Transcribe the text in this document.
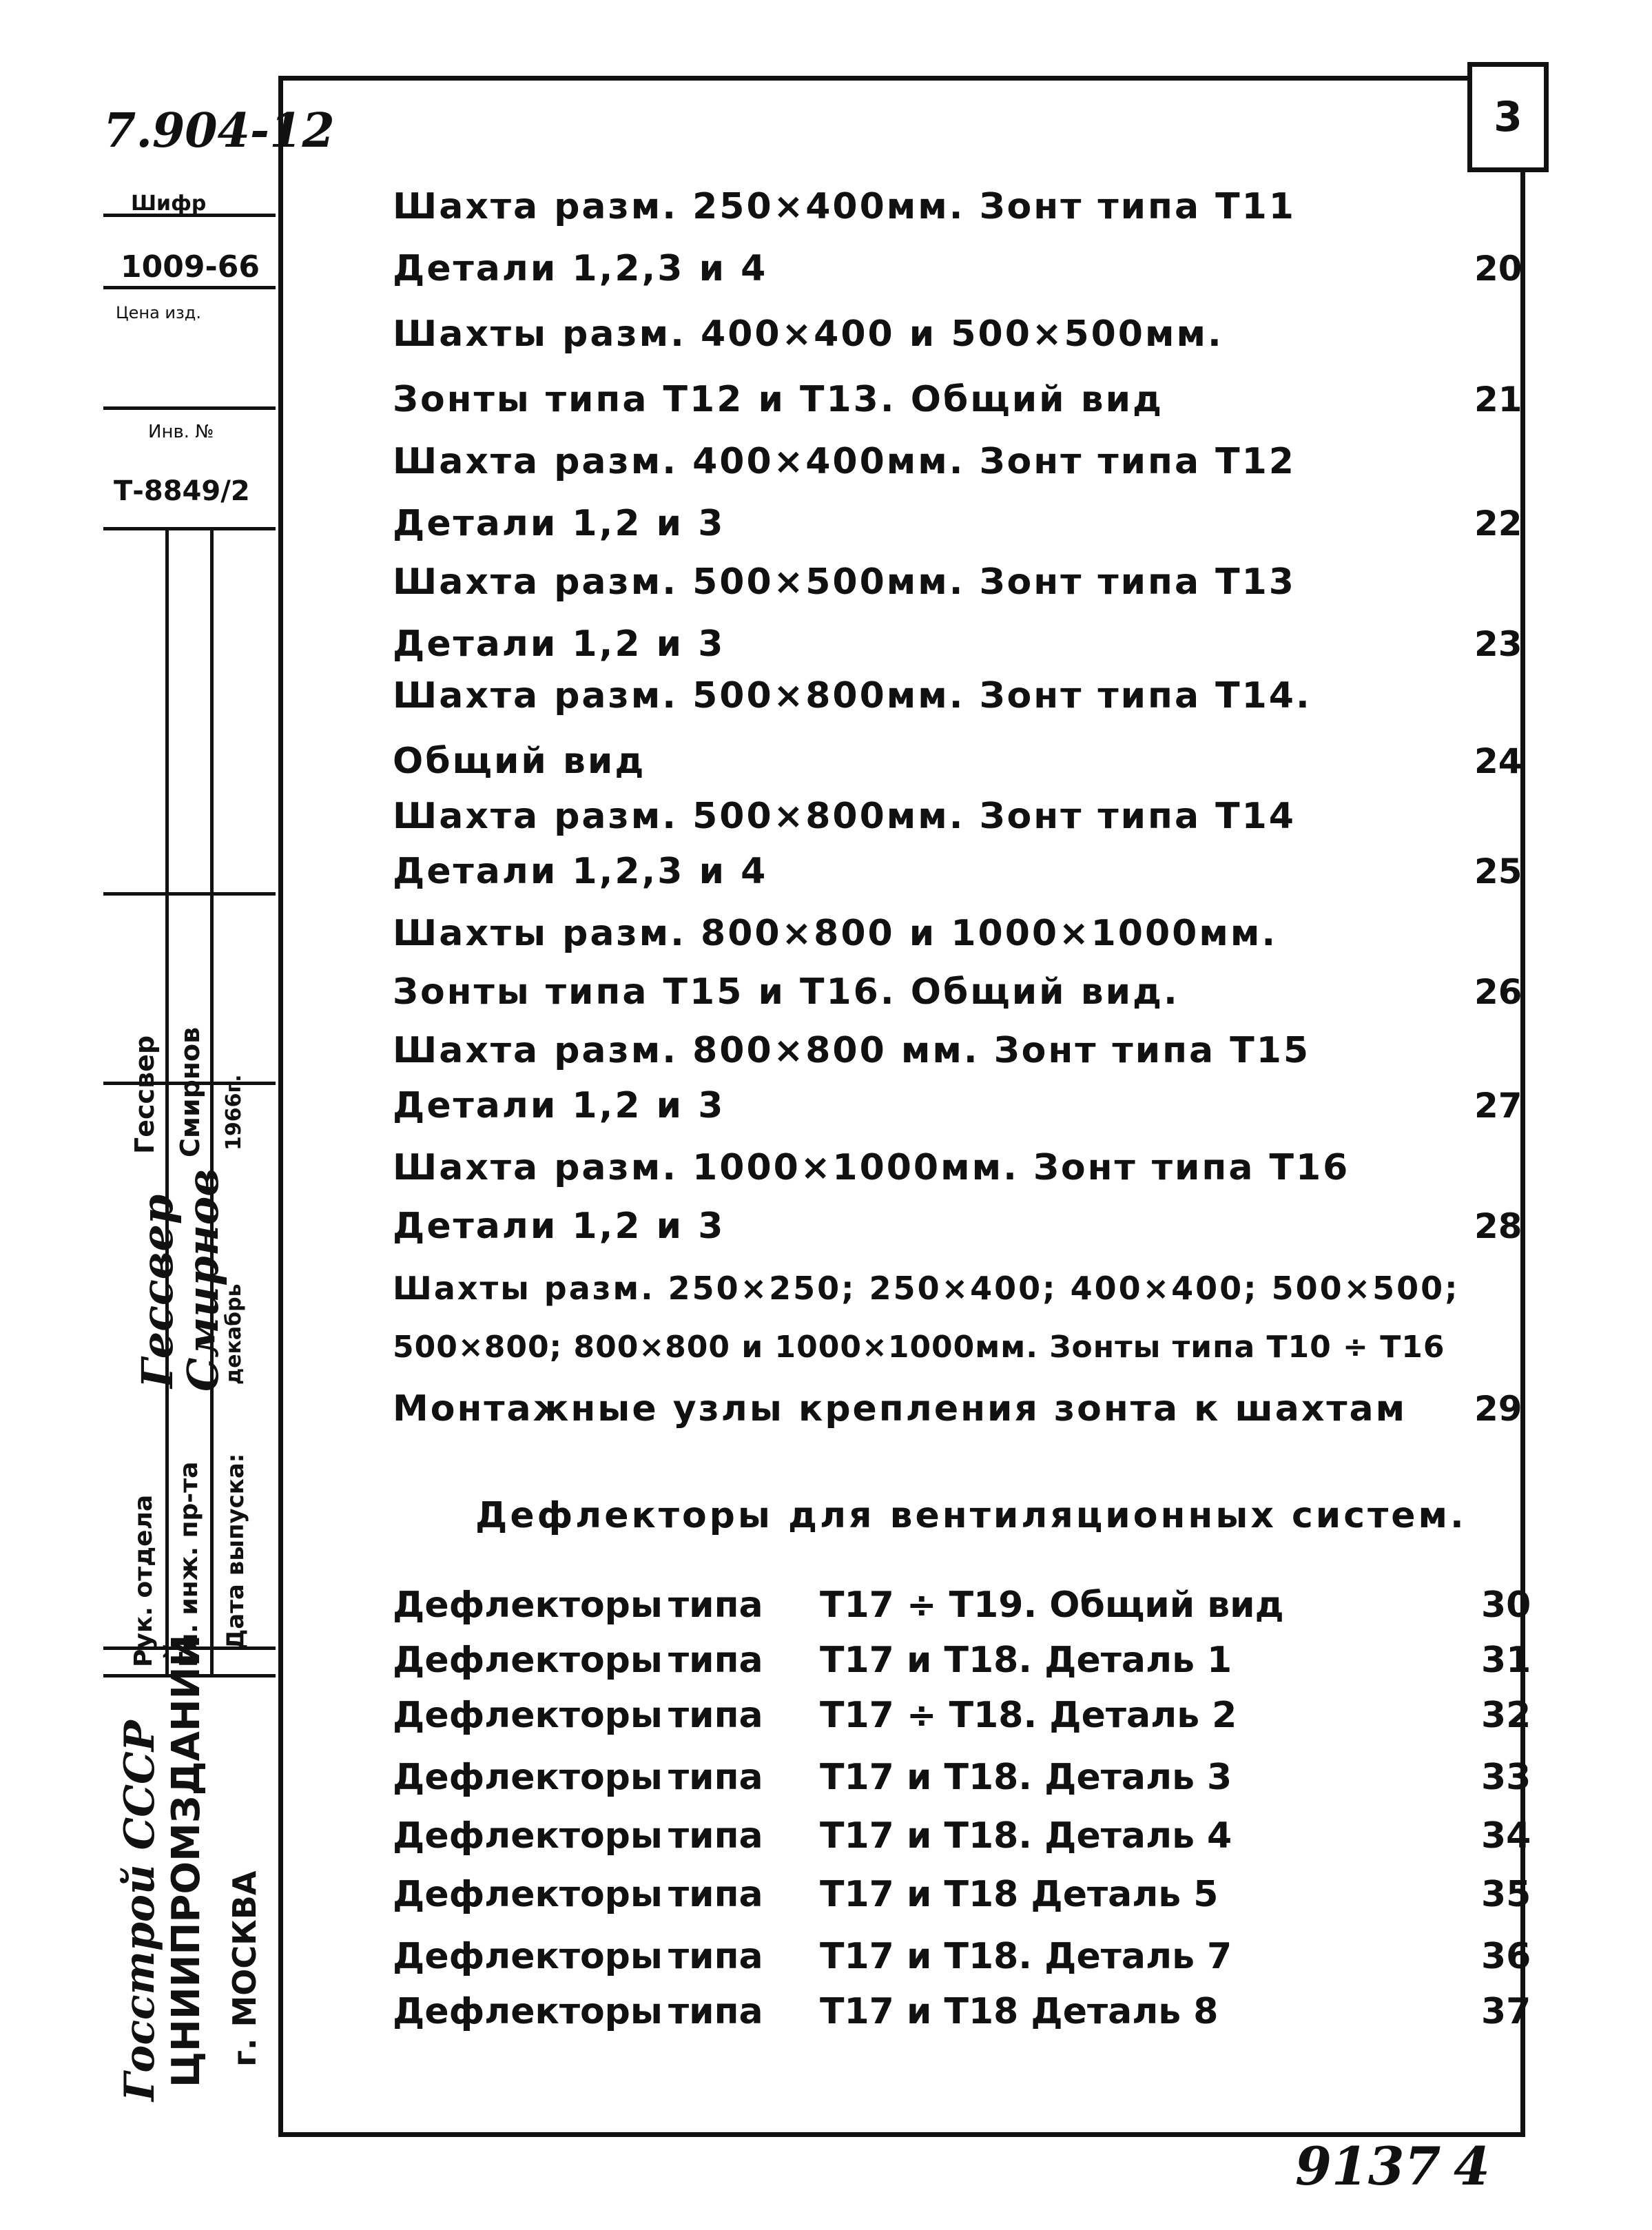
7.904-12
Шифр
1009-66
Цена изд.
Инв. №
Т-8849/2
Рук. отдела Гл. инж. пр-та Дата выпуска:
Гессвер
Смирнов
Гессвер Смирнов
декабрь
1966г.
Госстрой СССР ЦНИИПРОМЗДАНИЙ г. МОСКВА
3
Шахта разм. 250×400мм. Зонт типа Т11
Детали 1,2,3 и 4	20
Шахты разм. 400×400 и 500×500мм.
Зонты типа Т12 и Т13. Общий вид	21
Шахта разм. 400×400мм. Зонт типа Т12
Детали 1,2 и 3	22
Шахта разм. 500×500мм. Зонт типа Т13
Детали 1,2 и 3	23
Шахта разм. 500×800мм. Зонт типа Т14.
Общий вид	24
Шахта разм. 500×800мм. Зонт типа Т14
Детали 1,2,3 и 4	25
Шахты разм. 800×800 и 1000×1000мм.
Зонты типа Т15 и Т16. Общий вид.	26
Шахта разм. 800×800 мм. Зонт типа Т15
Детали 1,2 и 3	27
Шахта разм. 1000×1000мм. Зонт типа Т16
Детали 1,2 и 3	28
Шахты разм. 250×250; 250×400; 400×400; 500×500;
500×800; 800×800 и 1000×1000мм. Зонты типа Т10 ÷ Т16
Монтажные узлы крепления зонта к шахтам 29
Дефлекторы для вентиляционных систем.
Дефлекторы типа Т17 ÷ Т19. Общий вид	30
Дефлекторы типа Т17 и Т18. Деталь 1	31
Дефлекторы типа Т17 ÷ Т18. Деталь 2	32
Дефлекторы типа Т17 и Т18. Деталь 3	33
Дефлекторы типа Т17 и Т18. Деталь 4	34
Дефлекторы типа Т17 и Т18 Деталь 5	35
Дефлекторы типа Т17 и Т18. Деталь 7	36
Дефлекторы типа Т17 и Т18 Деталь 8	37
9137 4
